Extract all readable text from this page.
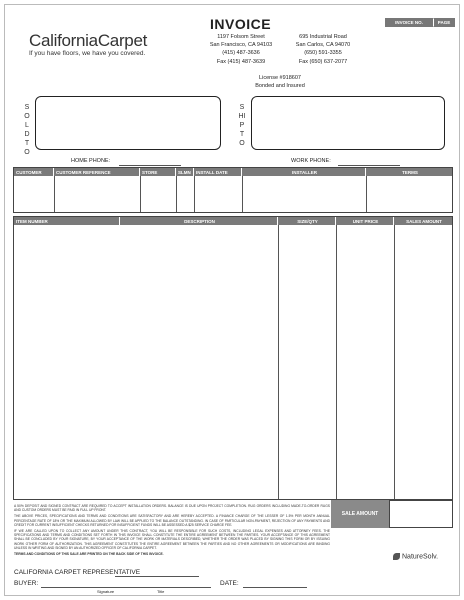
CaliforniaCarpet
If you have floors, we have you covered.
INVOICE
1197 Folsom Street
San Francisco, CA 94103
(415) 487-3636
Fax (415) 487-3639
695 Industrial Road
San Carlos, CA 94070
(650) 591-3355
Fax (650) 637-2077
License #918607
Bonded and Insured
INVOICE NO.	PAGE
SOLD TO
SHIP TO
HOME PHONE:	WORK PHONE:
CUSTOMER	CUSTOMER REFERENCE	STORE	SLMN	INSTALL DATE	INSTALLER	TERMS
ITEM NUMBER	DESCRIPTION	SIZE/QTY	UNIT PRICE	SALES AMOUNT

A 50% DEPOSIT AND SIGNED CONTRACT ARE REQUIRED TO ACCEPT INSTALLATION ORDERS. BALANCE IS DUE UPON PROJECT COMPLETION. RUG ORDERS INCLUDING MADE-TO-ORDER RUGS AND CUSTOM ORDERS MUST BE PAID IN FULL UP FRONT.

THE ABOVE PRICES, SPECIFICATIONS AND TERMS AND CONDITIONS ARE SATISFACTORY AND ARE HEREBY ACCEPTED. A FINANCE CHARGE OF THE LESSER OF 1.5% PER MONTH ANNUAL PERCENTAGE RATE OF 18% OR THE MAXIMUM ALLOWED BY LAW WILL BE APPLIED TO THE BALANCE OUTSTANDING. IN CASE OF PARTICULAR NON-PAYMENT, REJECTION OF ANY PAYMENTS AND CREDIT FOR CURRENT INSUFFICIENT CHECKS RETURNED FOR INSUFFICIENT FUNDS WILL BE ASSESSED A $25 SERVICE CHARGE FEE.

IF WE ARE CALLED UPON TO COLLECT ANY AMOUNT UNDER THIS CONTRACT, YOU WILL BE RESPONSIBLE FOR SUCH COSTS, INCLUDING LEGAL EXPENSES AND ATTORNEY FEES. THE SPECIFICATIONS AND TERMS AND CONDITIONS SET FORTH IN THIS INVOICE SHALL CONSTITUTE THE ENTIRE AGREEMENT BETWEEN THE PARTIES. YOUR ACCEPTANCE OF THIS AGREEMENT SHALL BE CONCLUDED BY YOUR SIGNATURE, BY YOUR ACCEPTANCE OF THE WORK OR MATERIALS DESCRIBED, WHETHER THE ORDER WAS PLACED BY SIGNING THIS FORM OR BY ISSUING WORK OTHER FORM OF AUTHORIZATION. THIS AGREEMENT CONSTITUTES THE ENTIRE AGREEMENT BETWEEN THE PARTIES AND NO OTHER AGREEMENTS OR MODIFICATIONS ARE BINDING UNLESS IN WRITING AND SIGNED BY AN AUTHORIZED OFFICER OF CALIFORNIA CARPET.

TERMS AND CONDITIONS OF THIS SALE ARE PRINTED ON THE BACK SIDE OF THIS INVOICE.

SALE AMOUNT
CALIFORNIA CARPET REPRESENTATIVE
NatureSolv.
BUYER:
Signature	Title
DATE:
